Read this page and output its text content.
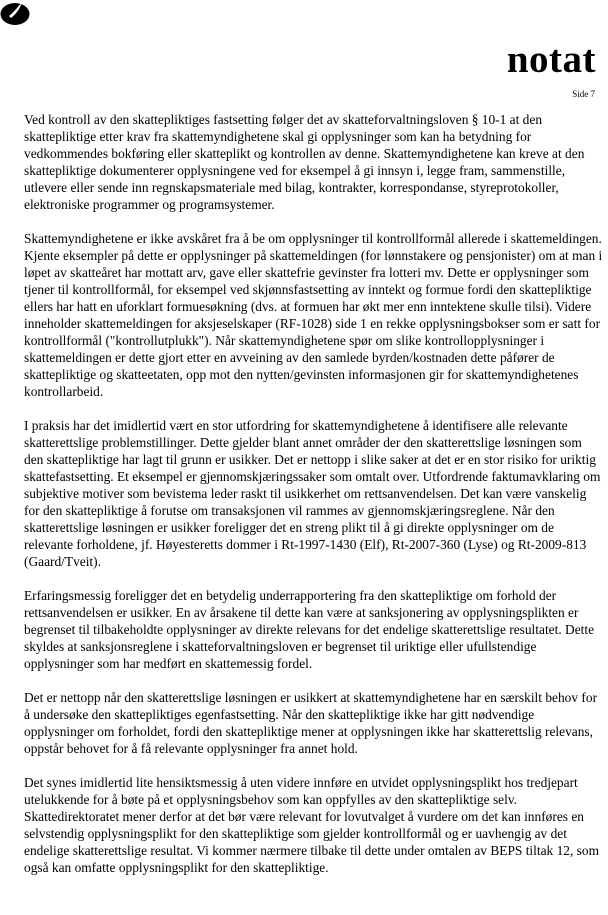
notat
Side 7

Ved kontroll av den skattepliktiges fastsetting følger det av skatteforvaltningsloven § 10-1 at den skattepliktige etter krav fra skattemyndighetene skal gi opplysninger som kan ha betydning for vedkommendes bokføring eller skatteplikt og kontrollen av denne. Skattemyndighetene kan kreve at den skattepliktige dokumenterer opplysningene ved for eksempel å gi innsyn i, legge fram, sammenstille, utlevere eller sende inn regnskapsmateriale med bilag, kontrakter, korrespondanse, styreprotokoller, elektroniske programmer og programsystemer.

Skattemyndighetene er ikke avskåret fra å be om opplysninger til kontrollformål allerede i skattemeldingen. Kjente eksempler på dette er opplysninger på skattemeldingen (for lønnstakere og pensjonister) om at man i løpet av skatteåret har mottatt arv, gave eller skattefrie gevinster fra lotteri mv. Dette er opplysninger som tjener til kontrollformål, for eksempel ved skjønnsfastsetting av inntekt og formue fordi den skattepliktige ellers har hatt en uforklart formuesøkning (dvs. at formuen har økt mer enn inntektene skulle tilsi). Videre inneholder skattemeldingen for aksjeselskaper (RF-1028) side 1 en rekke opplysningsbokser som er satt for kontrollformål ("kontrollutplukk"). Når skattemyndighetene spør om slike kontrollopplysninger i skattemeldingen er dette gjort etter en avveining av den samlede byrden/kostnaden dette påfører de skattepliktige og skatteetaten, opp mot den nytten/gevinsten informasjonen gir for skattemyndighetenes kontrollarbeid.

I praksis har det imidlertid vært en stor utfordring for skattemyndighetene å identifisere alle relevante skatterettslige problemstillinger. Dette gjelder blant annet områder der den skatterettslige løsningen som den skattepliktige har lagt til grunn er usikker. Det er nettopp i slike saker at det er en stor risiko for uriktig skattefastsetting. Et eksempel er gjennomskjæringssaker som omtalt over. Utfordrende faktumavklaring om subjektive motiver som bevistema leder raskt til usikkerhet om rettsanvendelsen. Det kan være vanskelig for den skattepliktige å forutse om transaksjonen vil rammes av gjennomskjæringsreglene. Når den skatterettslige løsningen er usikker foreligger det en streng plikt til å gi direkte opplysninger om de relevante forholdene, jf. Høyesteretts dommer i Rt-1997-1430 (Elf), Rt-2007-360 (Lyse) og Rt-2009-813 (Gaard/Tveit).

Erfaringsmessig foreligger det en betydelig underrapportering fra den skattepliktige om forhold der rettsanvendelsen er usikker. En av årsakene til dette kan være at sanksjonering av opplysningsplikten er begrenset til tilbakeholdte opplysninger av direkte relevans for det endelige skatterettslige resultatet. Dette skyldes at sanksjonsreglene i skatteforvaltningsloven er begrenset til uriktige eller ufullstendige opplysninger som har medført en skattemessig fordel.

Det er nettopp når den skatterettslige løsningen er usikkert at skattemyndighetene har en særskilt behov for å undersøke den skattepliktiges egenfastsetting. Når den skattepliktige ikke har gitt nødvendige opplysninger om forholdet, fordi den skattepliktige mener at opplysningen ikke har skatterettslig relevans, oppstår behovet for å få relevante opplysninger fra annet hold.

Det synes imidlertid lite hensiktsmessig å uten videre innføre en utvidet opplysningsplikt hos tredjepart utelukkende for å bøte på et opplysningsbehov som kan oppfylles av den skattepliktige selv. Skattedirektoratet mener derfor at det bør være relevant for lovutvalget å vurdere om det kan innføres en selvstendig opplysningsplikt for den skattepliktige som gjelder kontrollformål og er uavhengig av det endelige skatterettslige resultat. Vi kommer nærmere tilbake til dette under omtalen av BEPS tiltak 12, som også kan omfatte opplysningsplikt for den skattepliktige.
